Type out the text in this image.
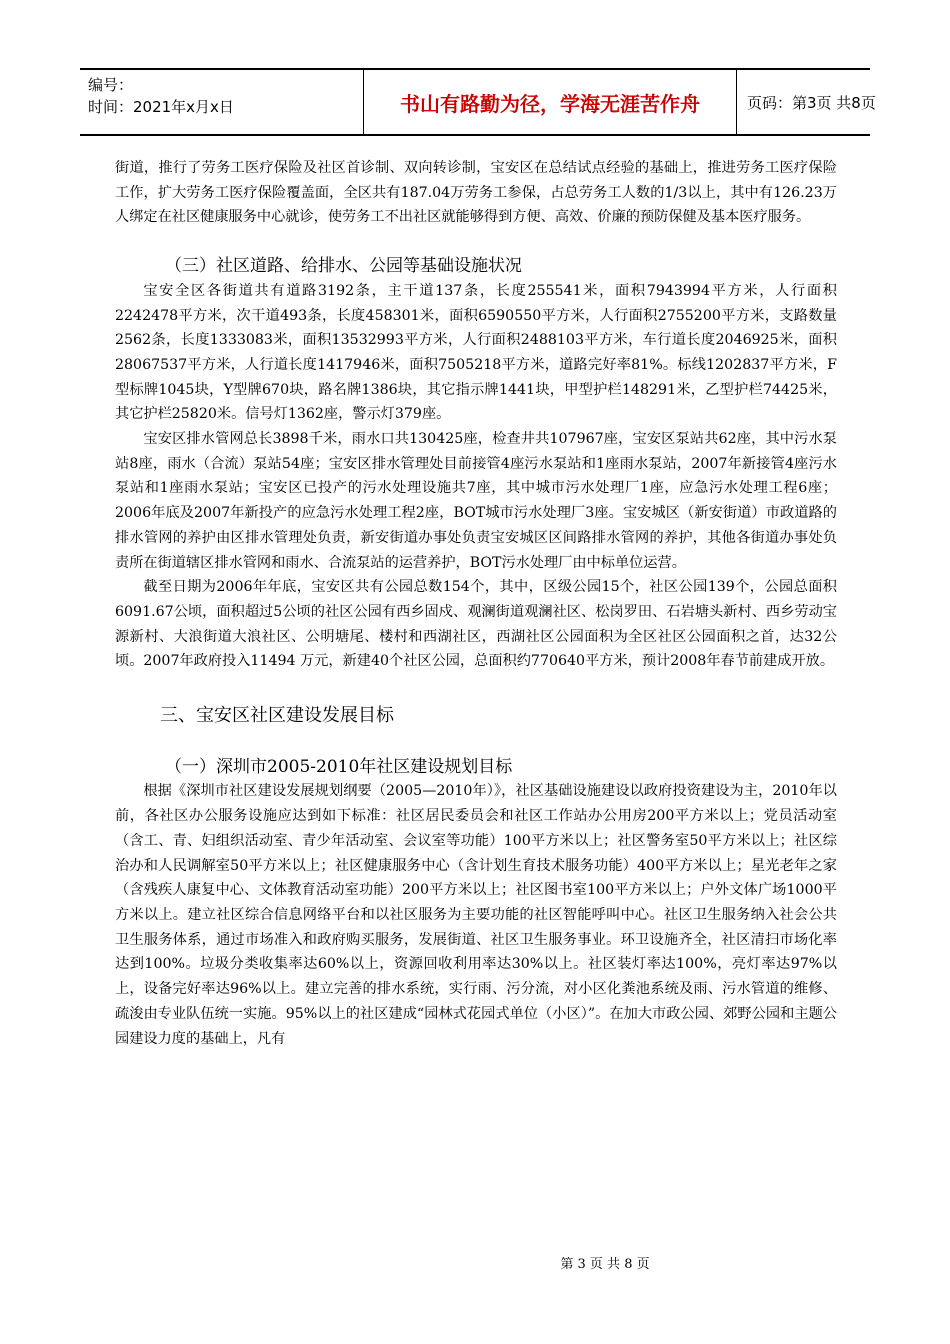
编号：
时间：2021年x月x日	书山有路勤为径，学海无涯苦作舟	页码：第3页 共8页

街道，推行了劳务工医疗保险及社区首诊制、双向转诊制，宝安区在总结试点经验的基础上，推进劳务工医疗保险工作，扩大劳务工医疗保险覆盖面，全区共有187.04万劳务工参保，占总劳务工人数的1/3以上，其中有126.23万人绑定在社区健康服务中心就诊，使劳务工不出社区就能够得到方便、高效、价廉的预防保健及基本医疗服务。

（三）社区道路、给排水、公园等基础设施状况

宝安全区各街道共有道路3192条，主干道137条，长度255541米，面积7943994平方米，人行面积2242478平方米，次干道493条，长度458301米，面积6590550平方米，人行面积2755200平方米，支路数量2562条，长度1333083米，面积13532993平方米，人行面积2488103平方米，车行道长度2046925米，面积28067537平方米，人行道长度1417946米，面积7505218平方米，道路完好率81%。标线1202837平方米，F型标牌1045块，Y型牌670块，路名牌1386块，其它指示牌1441块，甲型护栏148291米，乙型护栏74425米，其它护栏25820米。信号灯1362座，警示灯379座。

宝安区排水管网总长3898千米，雨水口共130425座，检查井共107967座，宝安区泵站共62座，其中污水泵站8座，雨水（合流）泵站54座；宝安区排水管理处目前接管4座污水泵站和1座雨水泵站，2007年新接管4座污水泵站和1座雨水泵站；宝安区已投产的污水处理设施共7座，其中城市污水处理厂1座，应急污水处理工程6座；2006年底及2007年新投产的应急污水处理工程2座，BOT城市污水处理厂3座。宝安城区（新安街道）市政道路的排水管网的养护由区排水管理处负责，新安街道办事处负责宝安城区区间路排水管网的养护，其他各街道办事处负责所在街道辖区排水管网和雨水、合流泵站的运营养护，BOT污水处理厂由中标单位运营。

截至日期为2006年年底，宝安区共有公园总数154个，其中，区级公园15个，社区公园139个，公园总面积6091.67公顷，面积超过5公顷的社区公园有西乡固戍、观澜街道观澜社区、松岗罗田、石岩塘头新村、西乡劳动宝源新村、大浪街道大浪社区、公明塘尾、楼村和西湖社区，西湖社区公园面积为全区社区公园面积之首，达32公顷。2007年政府投入11494 万元，新建40个社区公园，总面积约770640平方米，预计2008年春节前建成开放。

三、宝安区社区建设发展目标

（一）深圳市2005-2010年社区建设规划目标

根据《深圳市社区建设发展规划纲要（2005—2010年）》，社区基础设施建设以政府投资建设为主，2010年以前，各社区办公服务设施应达到如下标准：社区居民委员会和社区工作站办公用房200平方米以上；党员活动室（含工、青、妇组织活动室、青少年活动室、会议室等功能）100平方米以上；社区警务室50平方米以上；社区综治办和人民调解室50平方米以上；社区健康服务中心（含计划生育技术服务功能）400平方米以上；星光老年之家（含残疾人康复中心、文体教育活动室功能）200平方米以上；社区图书室100平方米以上；户外文体广场1000平方米以上。建立社区综合信息网络平台和以社区服务为主要功能的社区智能呼叫中心。社区卫生服务纳入社会公共卫生服务体系，通过市场准入和政府购买服务，发展街道、社区卫生服务事业。环卫设施齐全，社区清扫市场化率达到100%。垃圾分类收集率达60%以上，资源回收利用率达30%以上。社区装灯率达100%，亮灯率达97%以上，设备完好率达96%以上。建立完善的排水系统，实行雨、污分流，对小区化粪池系统及雨、污水管道的维修、疏浚由专业队伍统一实施。95%以上的社区建成“园林式花园式单位（小区）”。在加大市政公园、郊野公园和主题公园建设力度的基础上，凡有

第 3 页 共 8 页
